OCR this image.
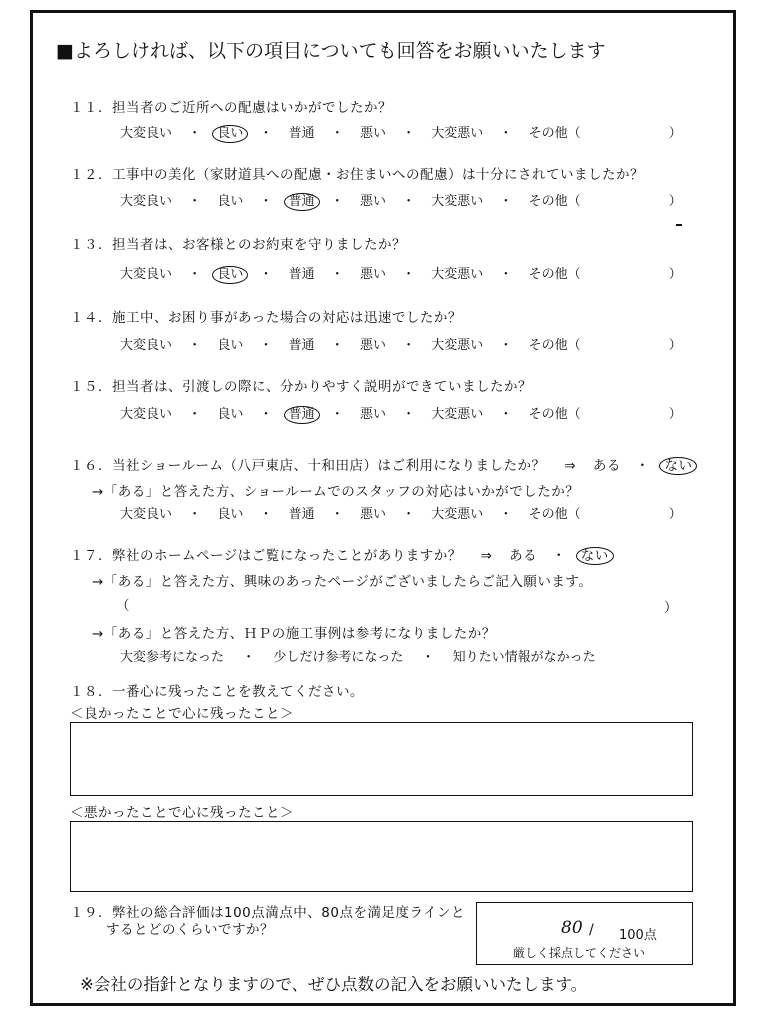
■よろしければ、以下の項目についても回答をお願いいたします
１１．担当者のご近所への配慮はいかがでしたか？
大変良い ・ 良い ・ 普通 ・ 悪い ・ 大変悪い ・ その他（	）
１２．工事中の美化（家財道具への配慮・お住まいへの配慮）は十分にされていましたか？
大変良い ・ 良い ・ 普通 ・ 悪い ・ 大変悪い ・ その他（	）
１３．担当者は、お客様とのお約束を守りましたか？
大変良い ・ 良い ・ 普通 ・ 悪い ・ 大変悪い ・ その他（	）
１４．施工中、お困り事があった場合の対応は迅速でしたか？
大変良い ・ 良い ・ 普通 ・ 悪い ・ 大変悪い ・ その他（	）
１５．担当者は、引渡しの際に、分かりやすく説明ができていましたか？
大変良い ・ 良い ・ 普通 ・ 悪い ・ 大変悪い ・ その他（	）
１６．当社ショールーム（八戸東店、十和田店）はご利用になりましたか？ ⇒ ある ・ ない
→「ある」と答えた方、ショールームでのスタッフの対応はいかがでしたか？
大変良い ・ 良い ・ 普通 ・ 悪い ・ 大変悪い ・ その他（	）
１７．弊社のホームページはご覧になったことがありますか？ ⇒ ある ・ ない
→「ある」と答えた方、興味のあったページがございましたらご記入願います。
（	）
→「ある」と答えた方、ＨＰの施工事例は参考になりましたか？
大変参考になった ・ 少しだけ参考になった ・ 知りたい情報がなかった
１８．一番心に残ったことを教えてください。
＜良かったことで心に残ったこと＞
＜悪かったことで心に残ったこと＞
１９．弊社の総合評価は100点満点中、80点を満足度ラインと
するとどのくらいですか？	80 / 100点
厳しく採点してください
※会社の指針となりますので、ぜひ点数の記入をお願いいたします。
